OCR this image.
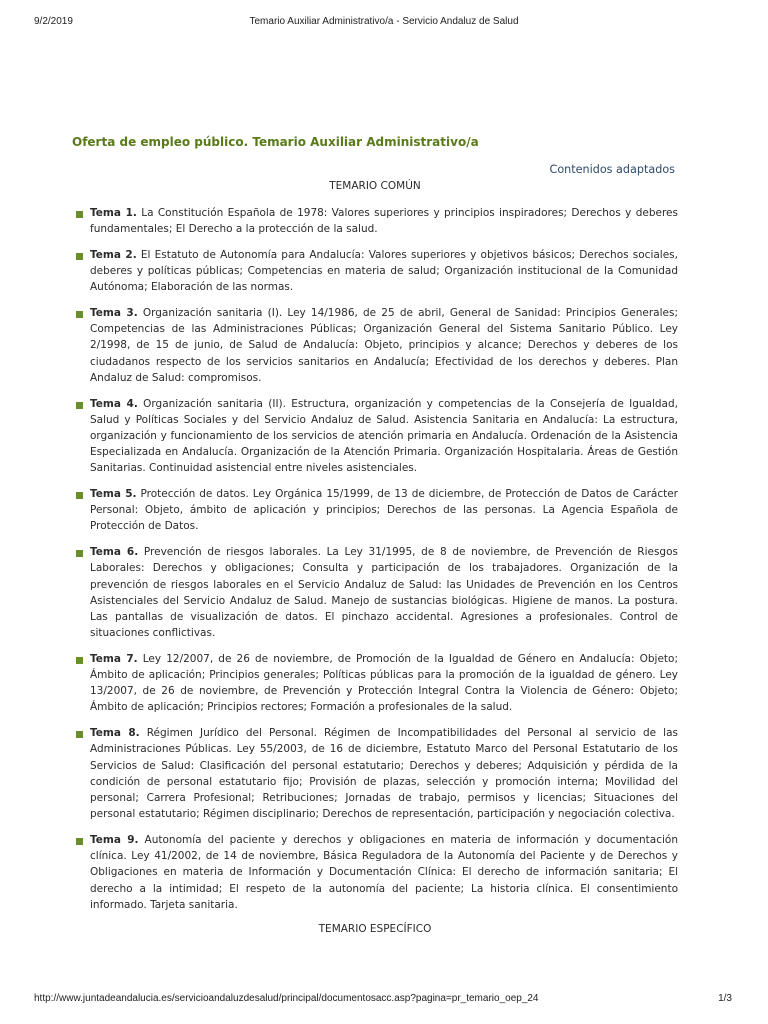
9/2/2019	Temario Auxiliar Administrativo/a - Servicio Andaluz de Salud
Oferta de empleo público. Temario Auxiliar Administrativo/a
Contenidos adaptados
TEMARIO COMÚN
Tema 1. La Constitución Española de 1978: Valores superiores y principios inspiradores; Derechos y deberes fundamentales; El Derecho a la protección de la salud.
Tema 2. El Estatuto de Autonomía para Andalucía: Valores superiores y objetivos básicos; Derechos sociales, deberes y políticas públicas; Competencias en materia de salud; Organización institucional de la Comunidad Autónoma; Elaboración de las normas.
Tema 3. Organización sanitaria (I). Ley 14/1986, de 25 de abril, General de Sanidad: Principios Generales; Competencias de las Administraciones Públicas; Organización General del Sistema Sanitario Público. Ley 2/1998, de 15 de junio, de Salud de Andalucía: Objeto, principios y alcance; Derechos y deberes de los ciudadanos respecto de los servicios sanitarios en Andalucía; Efectividad de los derechos y deberes. Plan Andaluz de Salud: compromisos.
Tema 4. Organización sanitaria (II). Estructura, organización y competencias de la Consejería de Igualdad, Salud y Políticas Sociales y del Servicio Andaluz de Salud. Asistencia Sanitaria en Andalucía: La estructura, organización y funcionamiento de los servicios de atención primaria en Andalucía. Ordenación de la Asistencia Especializada en Andalucía. Organización de la Atención Primaria. Organización Hospitalaria. Áreas de Gestión Sanitarias. Continuidad asistencial entre niveles asistenciales.
Tema 5. Protección de datos. Ley Orgánica 15/1999, de 13 de diciembre, de Protección de Datos de Carácter Personal: Objeto, ámbito de aplicación y principios; Derechos de las personas. La Agencia Española de Protección de Datos.
Tema 6. Prevención de riesgos laborales. La Ley 31/1995, de 8 de noviembre, de Prevención de Riesgos Laborales: Derechos y obligaciones; Consulta y participación de los trabajadores. Organización de la prevención de riesgos laborales en el Servicio Andaluz de Salud: las Unidades de Prevención en los Centros Asistenciales del Servicio Andaluz de Salud. Manejo de sustancias biológicas. Higiene de manos. La postura. Las pantallas de visualización de datos. El pinchazo accidental. Agresiones a profesionales. Control de situaciones conflictivas.
Tema 7. Ley 12/2007, de 26 de noviembre, de Promoción de la Igualdad de Género en Andalucía: Objeto; Ámbito de aplicación; Principios generales; Políticas públicas para la promoción de la igualdad de género. Ley 13/2007, de 26 de noviembre, de Prevención y Protección Integral Contra la Violencia de Género: Objeto; Ámbito de aplicación; Principios rectores; Formación a profesionales de la salud.
Tema 8. Régimen Jurídico del Personal. Régimen de Incompatibilidades del Personal al servicio de las Administraciones Públicas. Ley 55/2003, de 16 de diciembre, Estatuto Marco del Personal Estatutario de los Servicios de Salud: Clasificación del personal estatutario; Derechos y deberes; Adquisición y pérdida de la condición de personal estatutario fijo; Provisión de plazas, selección y promoción interna; Movilidad del personal; Carrera Profesional; Retribuciones; Jornadas de trabajo, permisos y licencias; Situaciones del personal estatutario; Régimen disciplinario; Derechos de representación, participación y negociación colectiva.
Tema 9. Autonomía del paciente y derechos y obligaciones en materia de información y documentación clínica. Ley 41/2002, de 14 de noviembre, Básica Reguladora de la Autonomía del Paciente y de Derechos y Obligaciones en materia de Información y Documentación Clínica: El derecho de información sanitaria; El derecho a la intimidad; El respeto de la autonomía del paciente; La historia clínica. El consentimiento informado. Tarjeta sanitaria.
TEMARIO ESPECÍFICO
http://www.juntadeandalucia.es/servicioandaluzdesalud/principal/documentosacc.asp?pagina=pr_temario_oep_24	1/3
